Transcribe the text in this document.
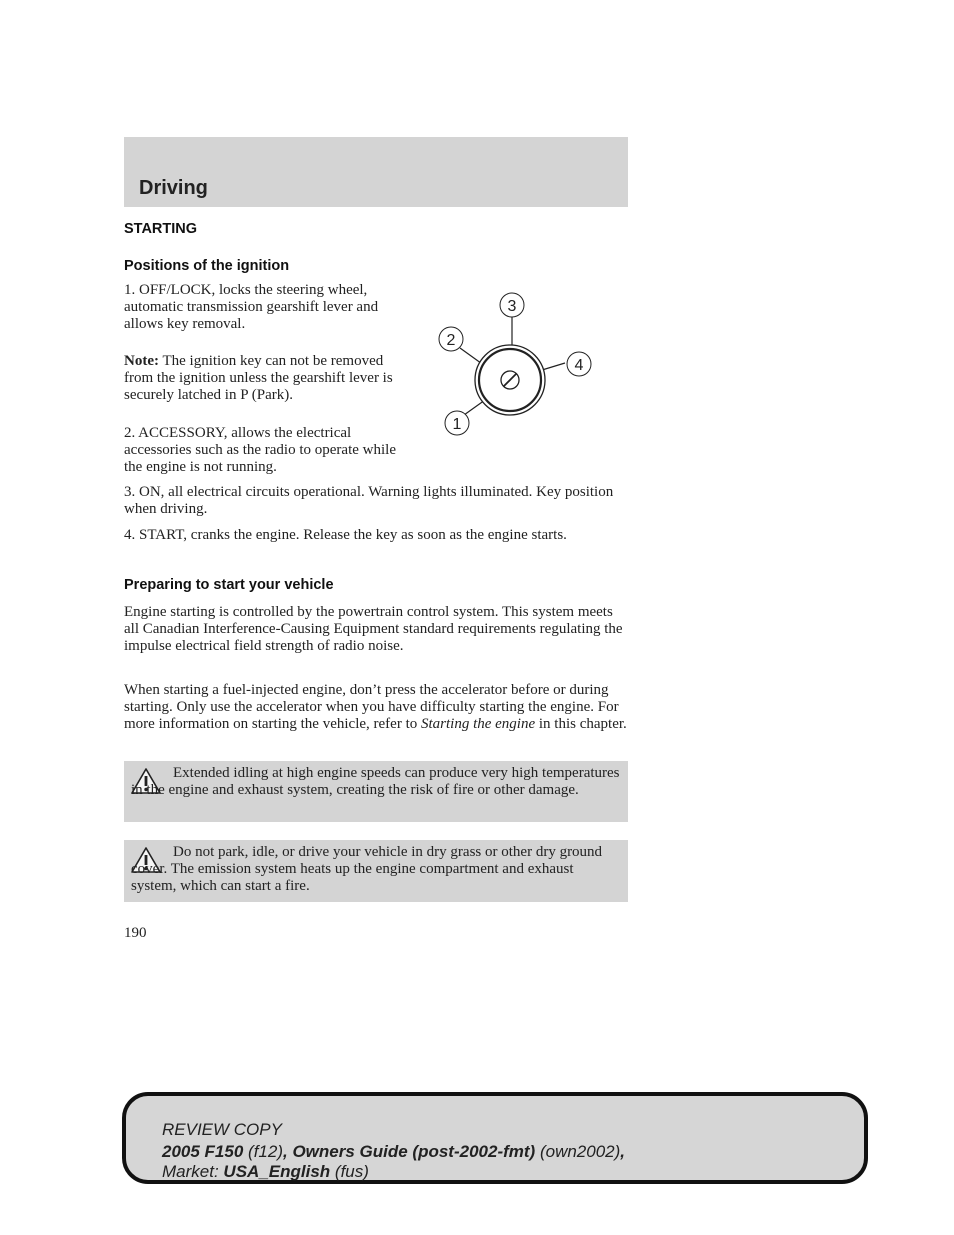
Driving
STARTING
Positions of the ignition

1. OFF/LOCK, locks the steering wheel, automatic transmission gearshift lever and allows key removal.

Note: The ignition key can not be removed from the ignition unless the gearshift lever is securely latched in P (Park).

2. ACCESSORY, allows the electrical accessories such as the radio to operate while the engine is not running.

3
2
4
1

3. ON, all electrical circuits operational. Warning lights illuminated. Key position when driving.

4. START, cranks the engine. Release the key as soon as the engine starts.

Preparing to start your vehicle

Engine starting is controlled by the powertrain control system. This system meets all Canadian Interference-Causing Equipment standard requirements regulating the impulse electrical field strength of radio noise.

When starting a fuel-injected engine, don’t press the accelerator before or during starting. Only use the accelerator when you have difficulty starting the engine. For more information on starting the vehicle, refer to Starting the engine in this chapter.

Extended idling at high engine speeds can produce very high temperatures in the engine and exhaust system, creating the risk of fire or other damage.

Do not park, idle, or drive your vehicle in dry grass or other dry ground cover. The emission system heats up the engine compartment and exhaust system, which can start a fire.

190
REVIEW COPY
2005 F150 (f12), Owners Guide (post-2002-fmt) (own2002),
Market: USA_English (fus)
